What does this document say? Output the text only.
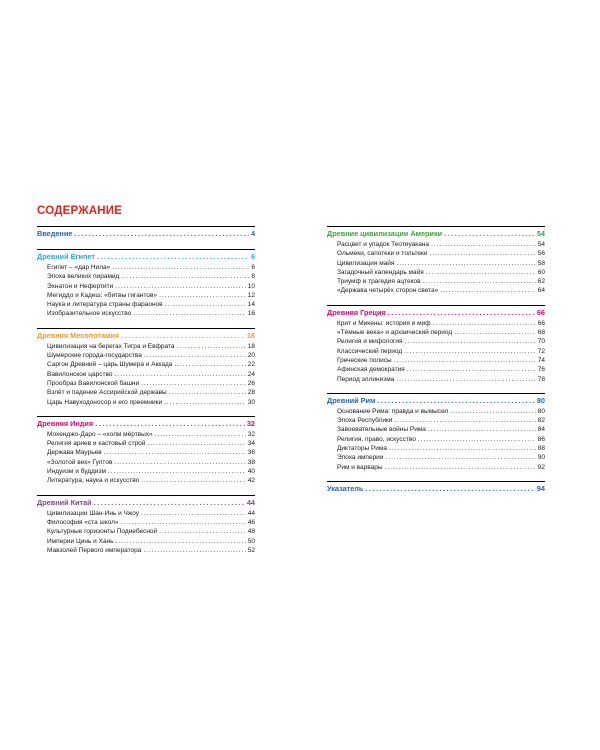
СОДЕРЖАНИЕ
Введение .....	4
Древний Египет .....	6
Египет – «дар Нила» .....	6
Эпоха великих пирамид .....	8
Эхнатон и Нефертити .....	10
Мегиддо и Кадеш: «битвы гигантов» .....	12
Наука и литература страны фараонов .....	14
Изобразительное искусство .....	16
Древняя Месопотамия .....	18
Цивилизация на берегах Тигра и Евфрата .....	18
Шумерские города-государства .....	20
Саргон Древний – царь Шумера и Аккада .....	22
Вавилонское царство .....	24
Прообраз Вавилонской башни .....	26
Взлёт и падение Ассирийской державы .....	28
Царь Навуходоносор и его преемники .....	30
Древняя Индия .....	32
Мохенджо-Даро – «холм мёртвых» .....	32
Религия ариев и кастовый строй .....	34
Держава Маурьев .....	36
«Золотой век» Гуптов .....	38
Индуизм и буддизм .....	40
Литература, наука и искусство .....	42
Древний Китай .....	44
Цивилизации Шан-Инь и Чжоу .....	44
Философия «ста школ» .....	46
Культурные горизонты Поднебесной .....	48
Империи Цинь и Хань .....	50
Мавзолей Первого императора .....	52
Древние цивилизации Америки .....	54
Расцвет и упадок Теотиуакана .....	54
Ольмеки, сапотеки и тольтеки .....	56
Цивилизация майя .....	58
Загадочный календарь майя .....	60
Триумф и трагедия ацтеков .....	62
«Держава четырёх сторон света» .....	64
Древняя Греция .....	66
Крит и Микены: история и миф .....	66
«Тёмные века» и архаический период .....	68
Религия и мифология .....	70
Классический период .....	72
Греческие полисы .....	74
Афинская демократия .....	76
Период эллинизма .....	78
Древний Рим .....	80
Основание Рима: правда и вымысел .....	80
Эпоха Республики .....	82
Завоевательные войны Рима .....	84
Религия, право, искусство .....	86
Диктаторы Рима .....	88
Эпоха империи .....	90
Рим и варвары .....	92
Указатель .....	94
